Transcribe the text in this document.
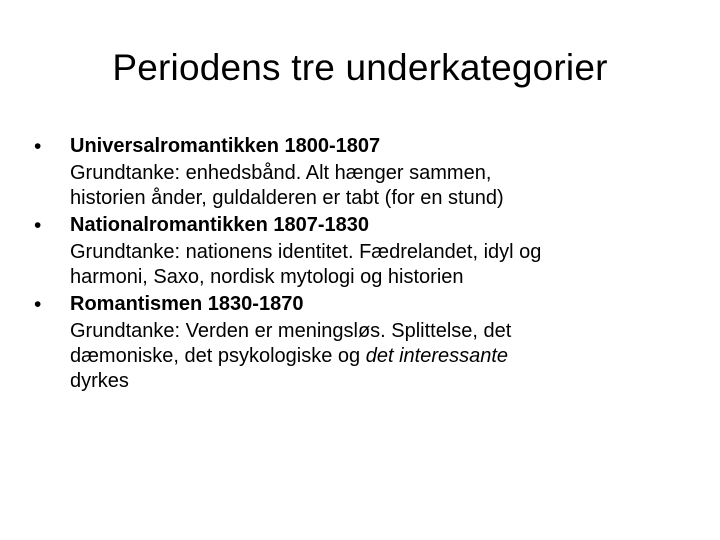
Periodens tre underkategorier
•	Universalromantikken 1800-1807
Grundtanke: enhedsbånd. Alt hænger sammen,
historien ånder, guldalderen er tabt (for en stund)
•	Nationalromantikken 1807-1830
Grundtanke: nationens identitet. Fædrelandet, idyl og
harmoni, Saxo, nordisk mytologi og historien
•	Romantismen 1830-1870
Grundtanke: Verden er meningsløs. Splittelse, det
dæmoniske, det psykologiske og det interessante
dyrkes
